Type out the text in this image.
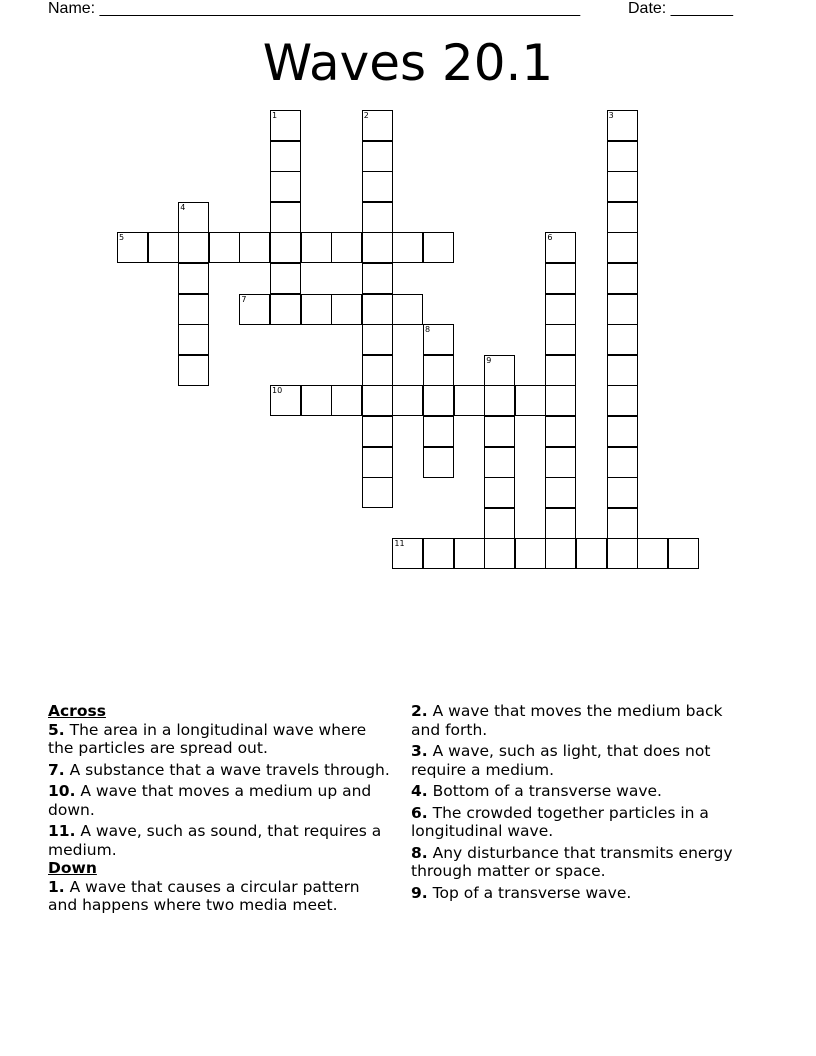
Name: ______________________________________________________	Date: _______
Waves 20.1
1	2	3
4
5	6
7
8
9
10
11

Across

5. The area in a longitudinal wave where the particles are spread out.

7. A substance that a wave travels through.

10. A wave that moves a medium up and down.

11. A wave, such as sound, that requires a medium.

Down

1. A wave that causes a circular pattern and happens where two media meet.

2. A wave that moves the medium back and forth.

3. A wave, such as light, that does not require a medium.

4. Bottom of a transverse wave.

6. The crowded together particles in a longitudinal wave.

8. Any disturbance that transmits energy through matter or space.

9. Top of a transverse wave.
